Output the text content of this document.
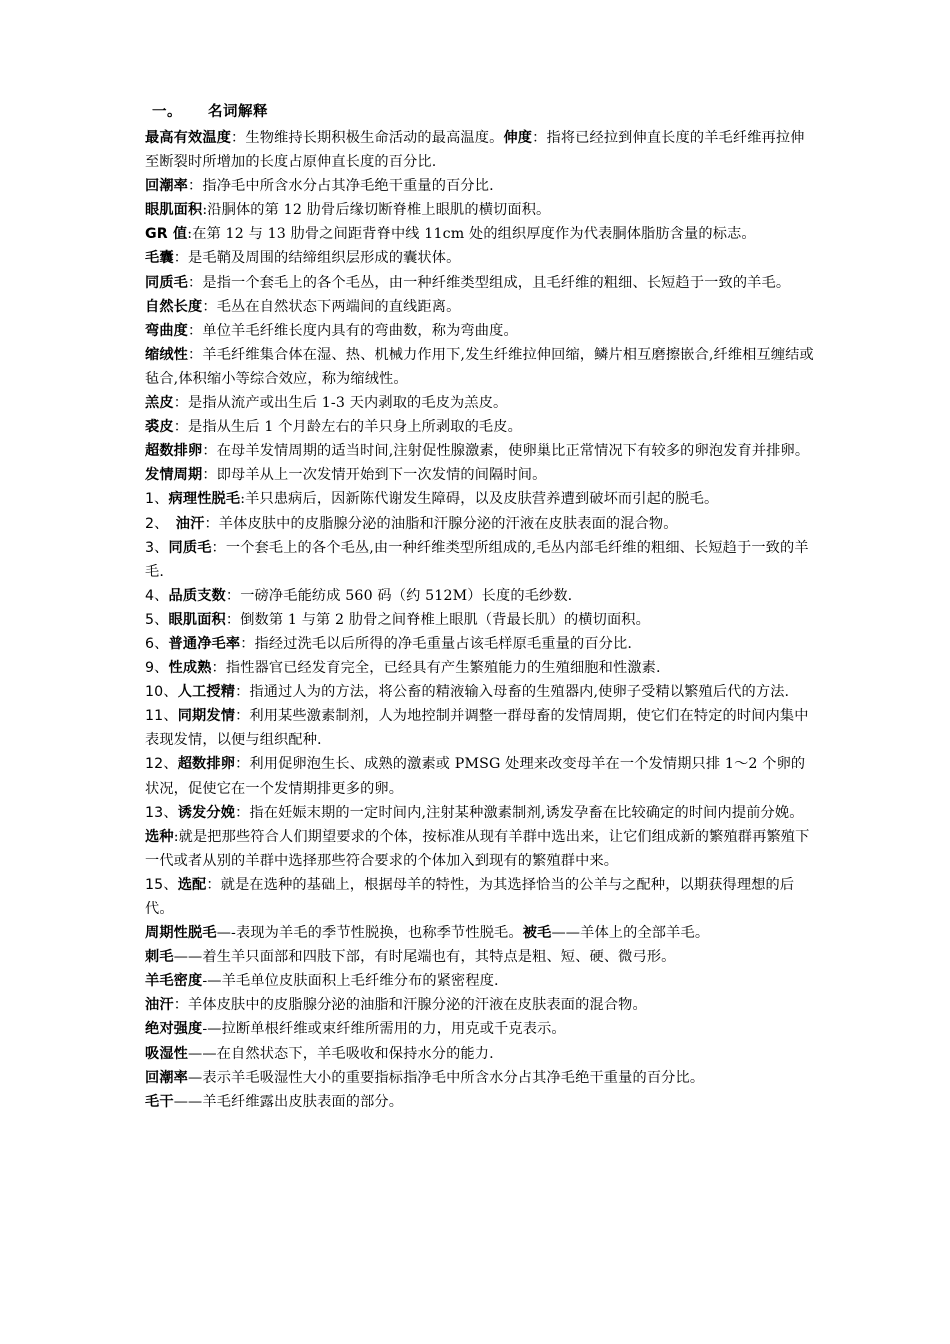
一。 名词解释

最高有效温度：生物维持长期积极生命活动的最高温度。伸度：指将已经拉到伸直长度的羊毛纤维再拉伸至断裂时所增加的长度占原伸直长度的百分比.

回潮率：指净毛中所含水分占其净毛绝干重量的百分比.

眼肌面积:沿胴体的第 12 肋骨后缘切断脊椎上眼肌的横切面积。

GR 值:在第 12 与 13 肋骨之间距背脊中线 11cm 处的组织厚度作为代表胴体脂肪含量的标志。

毛囊：是毛鞘及周围的结缔组织层形成的囊状体。

同质毛：是指一个套毛上的各个毛丛，由一种纤维类型组成，且毛纤维的粗细、长短趋于一致的羊毛。

自然长度：毛丛在自然状态下两端间的直线距离。

弯曲度：单位羊毛纤维长度内具有的弯曲数，称为弯曲度。

缩绒性：羊毛纤维集合体在湿、热、机械力作用下,发生纤维拉伸回缩，鳞片相互磨擦嵌合,纤维相互缠结或毡合,体积缩小等综合效应，称为缩绒性。

羔皮：是指从流产或出生后 1-3 天内剥取的毛皮为羔皮。

裘皮：是指从生后 1 个月龄左右的羊只身上所剥取的毛皮。

超数排卵：在母羊发情周期的适当时间,注射促性腺激素，使卵巢比正常情况下有较多的卵泡发育并排卵。

发情周期：即母羊从上一次发情开始到下一次发情的间隔时间。

1、病理性脱毛:羊只患病后，因新陈代谢发生障碍，以及皮肤营养遭到破坏而引起的脱毛。

2、　油汗：羊体皮肤中的皮脂腺分泌的油脂和汗腺分泌的汗液在皮肤表面的混合物。

3、同质毛：一个套毛上的各个毛丛,由一种纤维类型所组成的,毛丛内部毛纤维的粗细、长短趋于一致的羊毛.

4、品质支数：一磅净毛能纺成 560 码（约 512M）长度的毛纱数.

5、眼肌面积：倒数第 1 与第 2 肋骨之间脊椎上眼肌（背最长肌）的横切面积。

6、普通净毛率：指经过洗毛以后所得的净毛重量占该毛样原毛重量的百分比.

9、性成熟：指性器官已经发育完全，已经具有产生繁殖能力的生殖细胞和性激素.

10、人工授精：指通过人为的方法，将公畜的精液输入母畜的生殖器内,使卵子受精以繁殖后代的方法.

11、同期发情：利用某些激素制剂，人为地控制并调整一群母畜的发情周期，使它们在特定的时间内集中表现发情，以便与组织配种.

12、超数排卵：利用促卵泡生长、成熟的激素或 PMSG 处理来改变母羊在一个发情期只排 1～2 个卵的状况，促使它在一个发情期排更多的卵。

13、诱发分娩：指在妊娠末期的一定时间内,注射某种激素制剂,诱发孕畜在比较确定的时间内提前分娩。

选种:就是把那些符合人们期望要求的个体，按标准从现有羊群中选出来，让它们组成新的繁殖群再繁殖下一代或者从别的羊群中选择那些符合要求的个体加入到现有的繁殖群中来。

15、选配：就是在选种的基础上，根据母羊的特性，为其选择恰当的公羊与之配种，以期获得理想的后代。

周期性脱毛—-表现为羊毛的季节性脱换，也称季节性脱毛。被毛——羊体上的全部羊毛。

刺毛——着生羊只面部和四肢下部，有时尾端也有，其特点是粗、短、硬、微弓形。

羊毛密度-—羊毛单位皮肤面积上毛纤维分布的紧密程度.

油汗：羊体皮肤中的皮脂腺分泌的油脂和汗腺分泌的汗液在皮肤表面的混合物。

绝对强度-—拉断单根纤维或束纤维所需用的力，用克或千克表示。

吸湿性——在自然状态下，羊毛吸收和保持水分的能力.

回潮率—表示羊毛吸湿性大小的重要指标指净毛中所含水分占其净毛绝干重量的百分比。

毛干——羊毛纤维露出皮肤表面的部分。
